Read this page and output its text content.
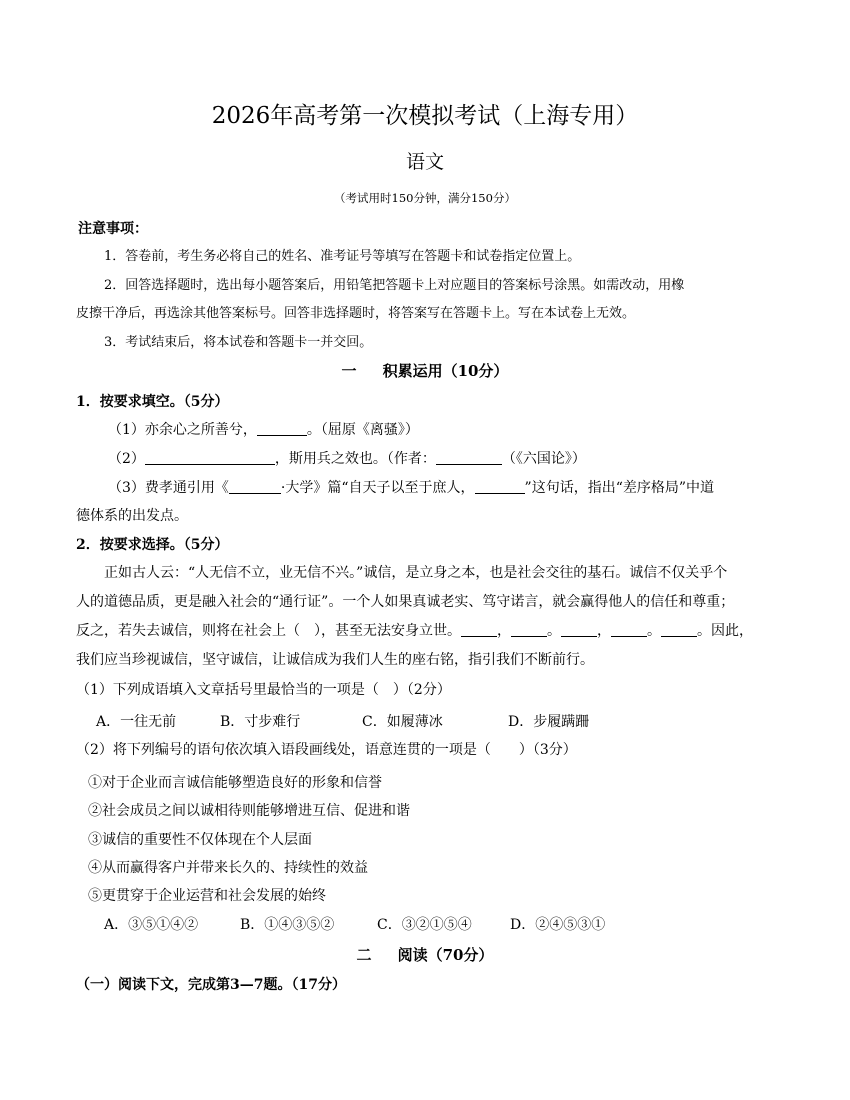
2026年高考第一次模拟考试（上海专用）
语文
（考试用时150分钟，满分150分）
注意事项：
1．答卷前，考生务必将自己的姓名、准考证号等填写在答题卡和试卷指定位置上。
2．回答选择题时，选出每小题答案后，用铅笔把答题卡上对应题目的答案标号涂黑。如需改动，用橡
皮擦干净后，再选涂其他答案标号。回答非选择题时，将答案写在答题卡上。写在本试卷上无效。
3．考试结束后，将本试卷和答题卡一并交回。
一 积累运用（10分）
1．按要求填空。（5分）
（1）亦余心之所善兮，	。（屈原《离骚》）
（2）	，斯用兵之效也。（作者：	（《六国论》）
（3）费孝通引用《	·大学》篇“自天子以至于庶人，	”这句话，指出“差序格局”中道
德体系的出发点。
2．按要求选择。（5分）
正如古人云：“人无信不立，业无信不兴。”诚信，是立身之本，也是社会交往的基石。诚信不仅关乎个
人的道德品质，更是融入社会的“通行证”。一个人如果真诚老实、笃守诺言，就会赢得他人的信任和尊重；
反之，若失去诚信，则将在社会上（　），甚至无法安身立世。	，	。	，	。	。因此，
我们应当珍视诚信，坚守诚信，让诚信成为我们人生的座右铭，指引我们不断前行。
（1）下列成语填入文章括号里最恰当的一项是（　）（2分）
A．一往无前	B．寸步难行	C．如履薄冰	D．步履蹒跚
（2）将下列编号的语句依次填入语段画线处，语意连贯的一项是（　　）（3分）
①对于企业而言诚信能够塑造良好的形象和信誉
②社会成员之间以诚相待则能够增进互信、促进和谐
③诚信的重要性不仅体现在个人层面
④从而赢得客户并带来长久的、持续性的效益
⑤更贯穿于企业运营和社会发展的始终
A．③⑤①④②	B．①④③⑤②	C．③②①⑤④	D．②④⑤③①
二 阅读（70分）
（一）阅读下文，完成第3—7题。（17分）
